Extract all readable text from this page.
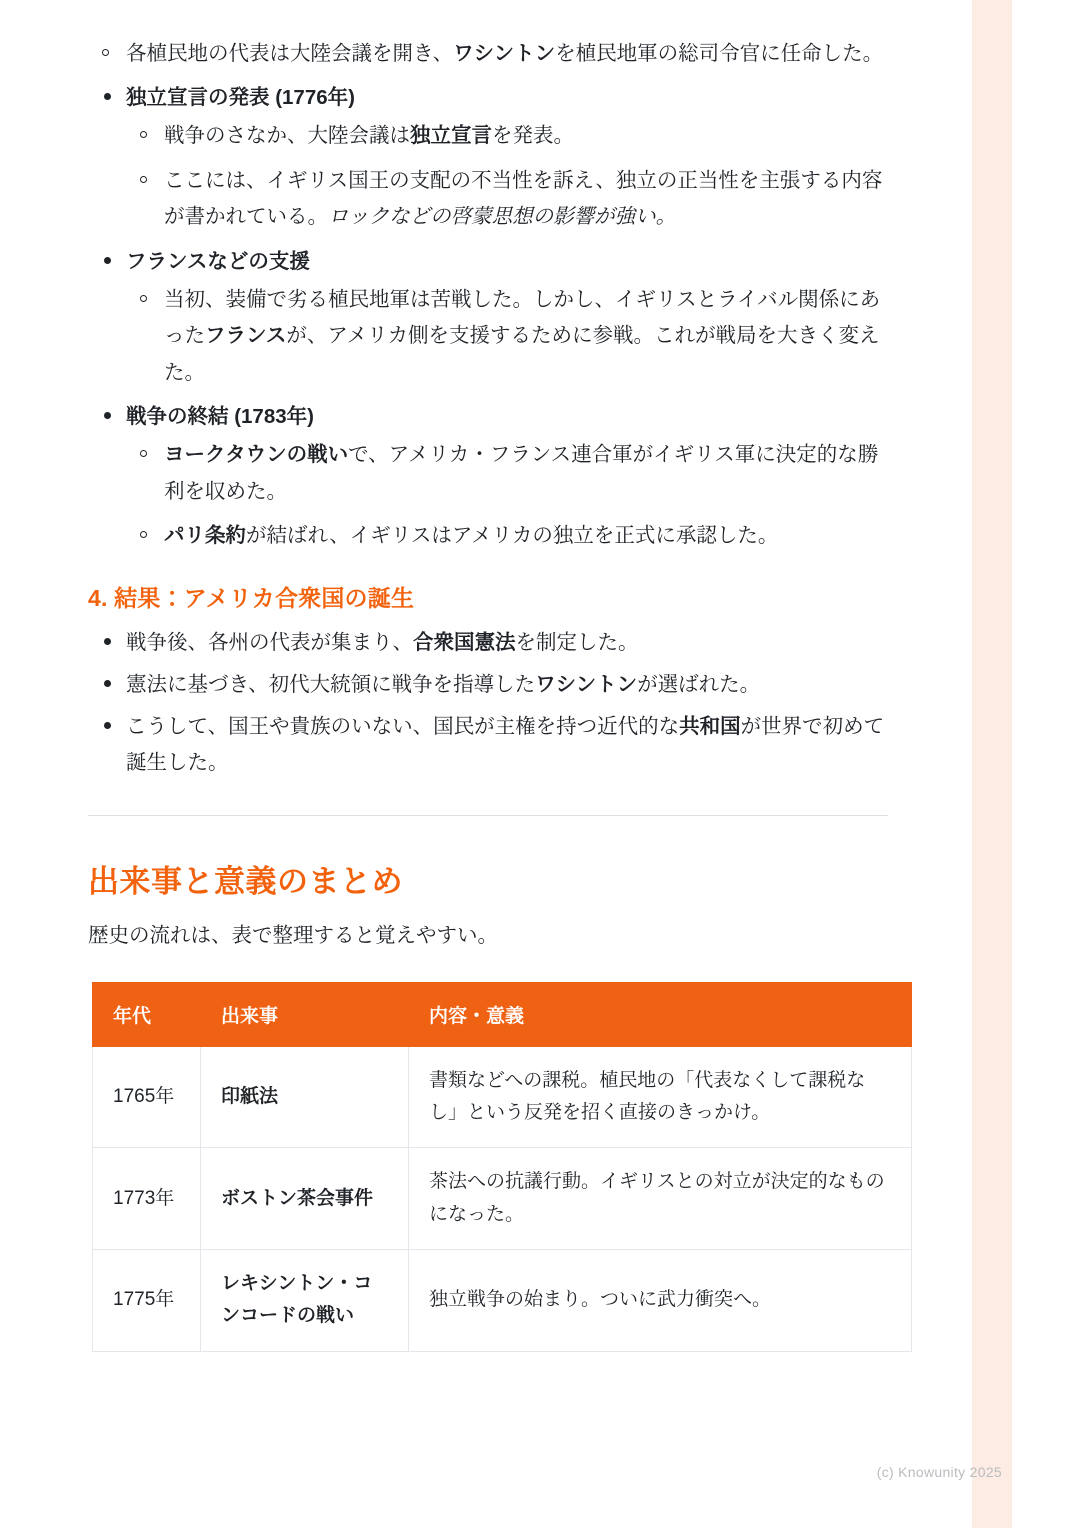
各植民地の代表は大陸会議を開き、ワシントンを植民地軍の総司令官に任命した。
独立宣言の発表 (1776年)
戦争のさなか、大陸会議は独立宣言を発表。
ここには、イギリス国王の支配の不当性を訴え、独立の正当性を主張する内容が書かれている。ロックなどの啓蒙思想の影響が強い。
フランスなどの支援
当初、装備で劣る植民地軍は苦戦した。しかし、イギリスとライバル関係にあったフランスが、アメリカ側を支援するために参戦。これが戦局を大きく変えた。
戦争の終結 (1783年)
ヨークタウンの戦いで、アメリカ・フランス連合軍がイギリス軍に決定的な勝利を収めた。
パリ条約が結ばれ、イギリスはアメリカの独立を正式に承認した。
4. 結果：アメリカ合衆国の誕生
戦争後、各州の代表が集まり、合衆国憲法を制定した。
憲法に基づき、初代大統領に戦争を指導したワシントンが選ばれた。
こうして、国王や貴族のいない、国民が主権を持つ近代的な共和国が世界で初めて誕生した。
出来事と意義のまとめ

歴史の流れは、表で整理すると覚えやすい。

年代	出来事	内容・意義
1765年	印紙法	書類などへの課税。植民地の「代表なくして課税なし」という反発を招く直接のきっかけ。
1773年	ボストン茶会事件	茶法への抗議行動。イギリスとの対立が決定的なものになった。
1775年	レキシントン・コンコードの戦い	独立戦争の始まり。ついに武力衝突へ。
(c) Knowunity 2025
